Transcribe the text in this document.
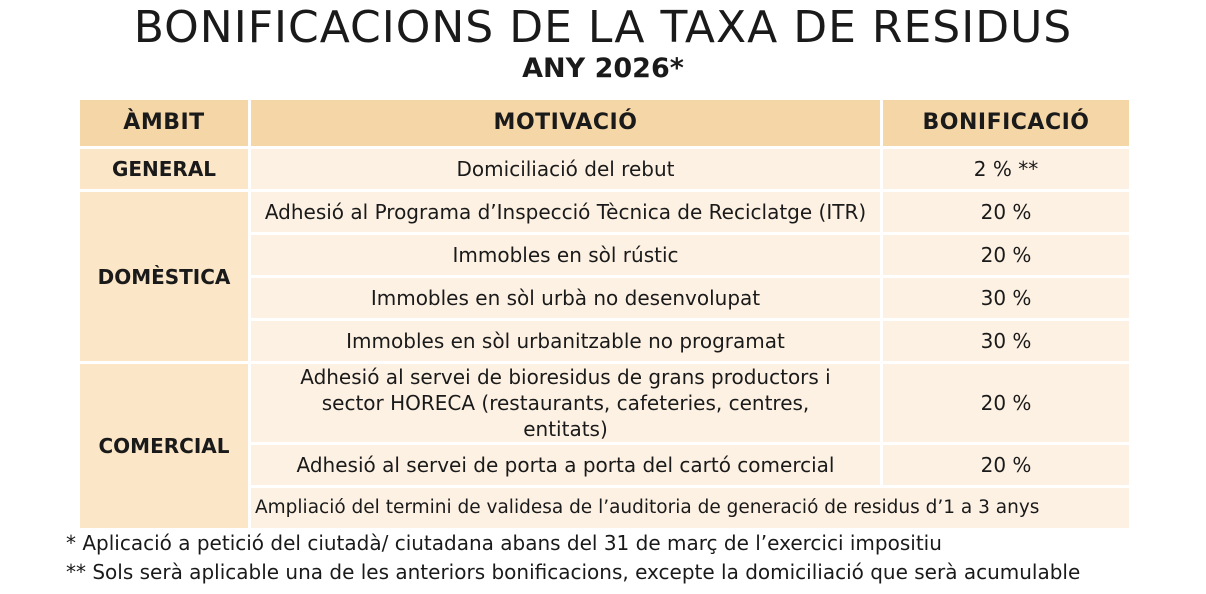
BONIFICACIONS DE LA TAXA DE RESIDUS
ANY 2026*
ÀMBIT	MOTIVACIÓ	BONIFICACIÓ
GENERAL	Domiciliació del rebut	2 % **
DOMÈSTICA	Adhesió al Programa d’Inspecció Tècnica de Reciclatge (ITR)	20 %
	Immobles en sòl rústic	20 %
	Immobles en sòl urbà no desenvolupat	30 %
	Immobles en sòl urbanitzable no programat	30 %
COMERCIAL	Adhesió al servei de bioresidus de grans productors i sector HORECA (restaurants, cafeteries, centres, entitats)	20 %
	Adhesió al servei de porta a porta del cartó comercial	20 %
	Ampliació del termini de validesa de l’auditoria de generació de residus d’1 a 3 anys	
* Aplicació a petició del ciutadà/ ciutadana abans del 31 de març de l’exercici impositiu
** Sols serà aplicable una de les anteriors bonificacions, excepte la domiciliació que serà acumulable
